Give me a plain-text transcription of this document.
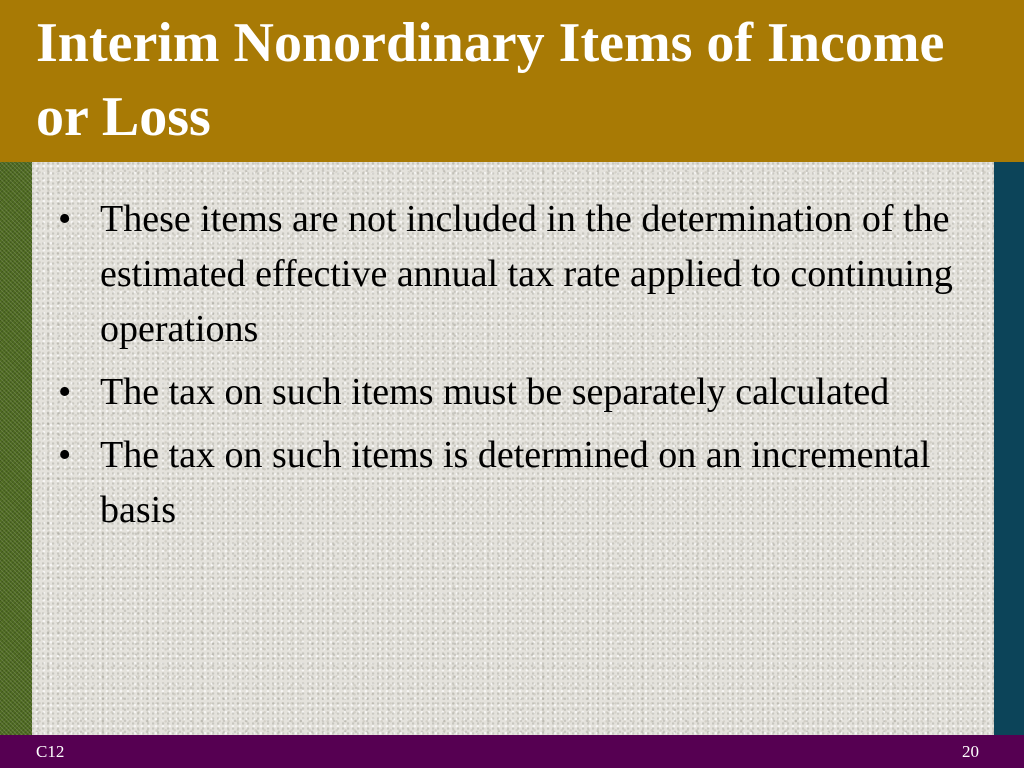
Interim Nonordinary Items of Income or Loss
• These items are not included in the determination of the estimated effective annual tax rate applied to continuing operations
• The tax on such items must be separately calculated
• The tax on such items is determined on an incremental basis
C12	20
